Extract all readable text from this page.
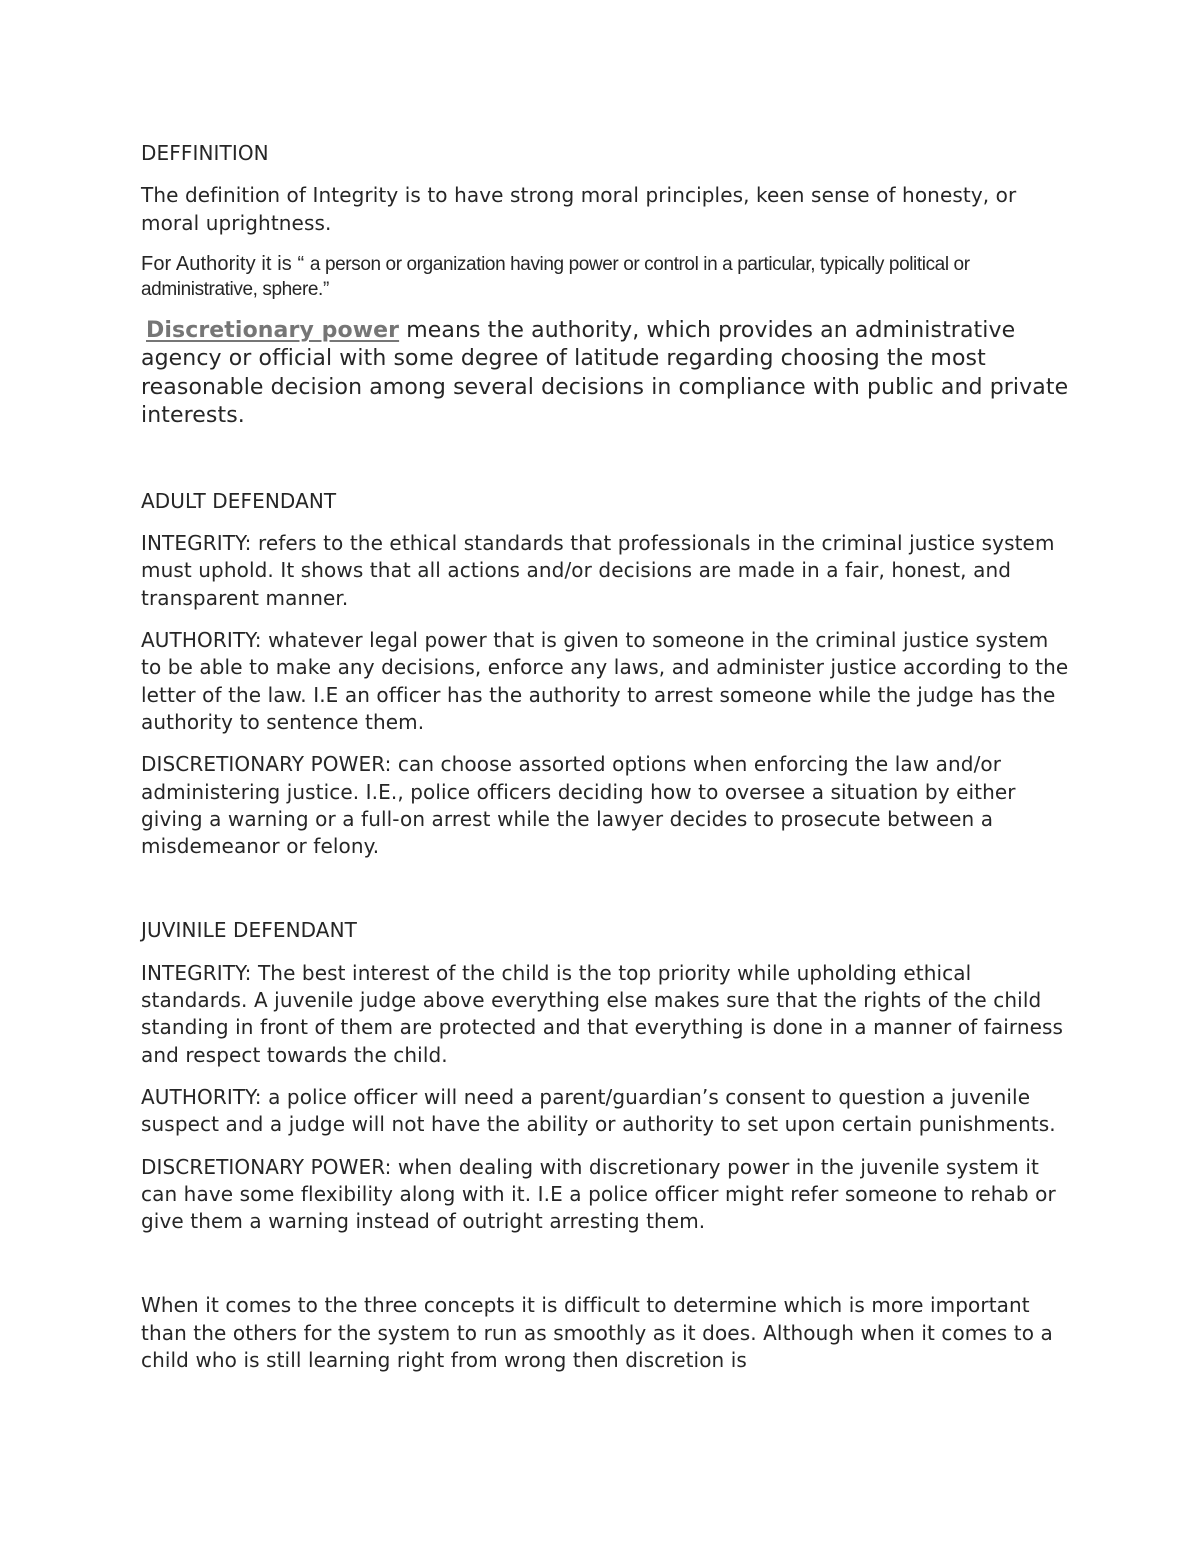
DEFFINITION

The definition of Integrity is to have strong moral principles, keen sense of honesty, or moral uprightness.

For Authority it is “ a person or organization having power or control in a particular, typically political or administrative, sphere.”

Discretionary power means the authority, which provides an administrative agency or official with some degree of latitude regarding choosing the most reasonable decision among several decisions in compliance with public and private interests.

ADULT DEFENDANT

INTEGRITY: refers to the ethical standards that professionals in the criminal justice system must uphold. It shows that all actions and/or decisions are made in a fair, honest, and transparent manner.

AUTHORITY: whatever legal power that is given to someone in the criminal justice system to be able to make any decisions, enforce any laws, and administer justice according to the letter of the law. I.E an officer has the authority to arrest someone while the judge has the authority to sentence them.

DISCRETIONARY POWER: can choose assorted options when enforcing the law and/or administering justice. I.E., police officers deciding how to oversee a situation by either giving a warning or a full-on arrest while the lawyer decides to prosecute between a misdemeanor or felony.

JUVINILE DEFENDANT

INTEGRITY: The best interest of the child is the top priority while upholding ethical standards. A juvenile judge above everything else makes sure that the rights of the child standing in front of them are protected and that everything is done in a manner of fairness and respect towards the child.

AUTHORITY: a police officer will need a parent/guardian’s consent to question a juvenile suspect and a judge will not have the ability or authority to set upon certain punishments.

DISCRETIONARY POWER: when dealing with discretionary power in the juvenile system it can have some flexibility along with it. I.E a police officer might refer someone to rehab or give them a warning instead of outright arresting them.

When it comes to the three concepts it is difficult to determine which is more important than the others for the system to run as smoothly as it does. Although when it comes to a child who is still learning right from wrong then discretion is
